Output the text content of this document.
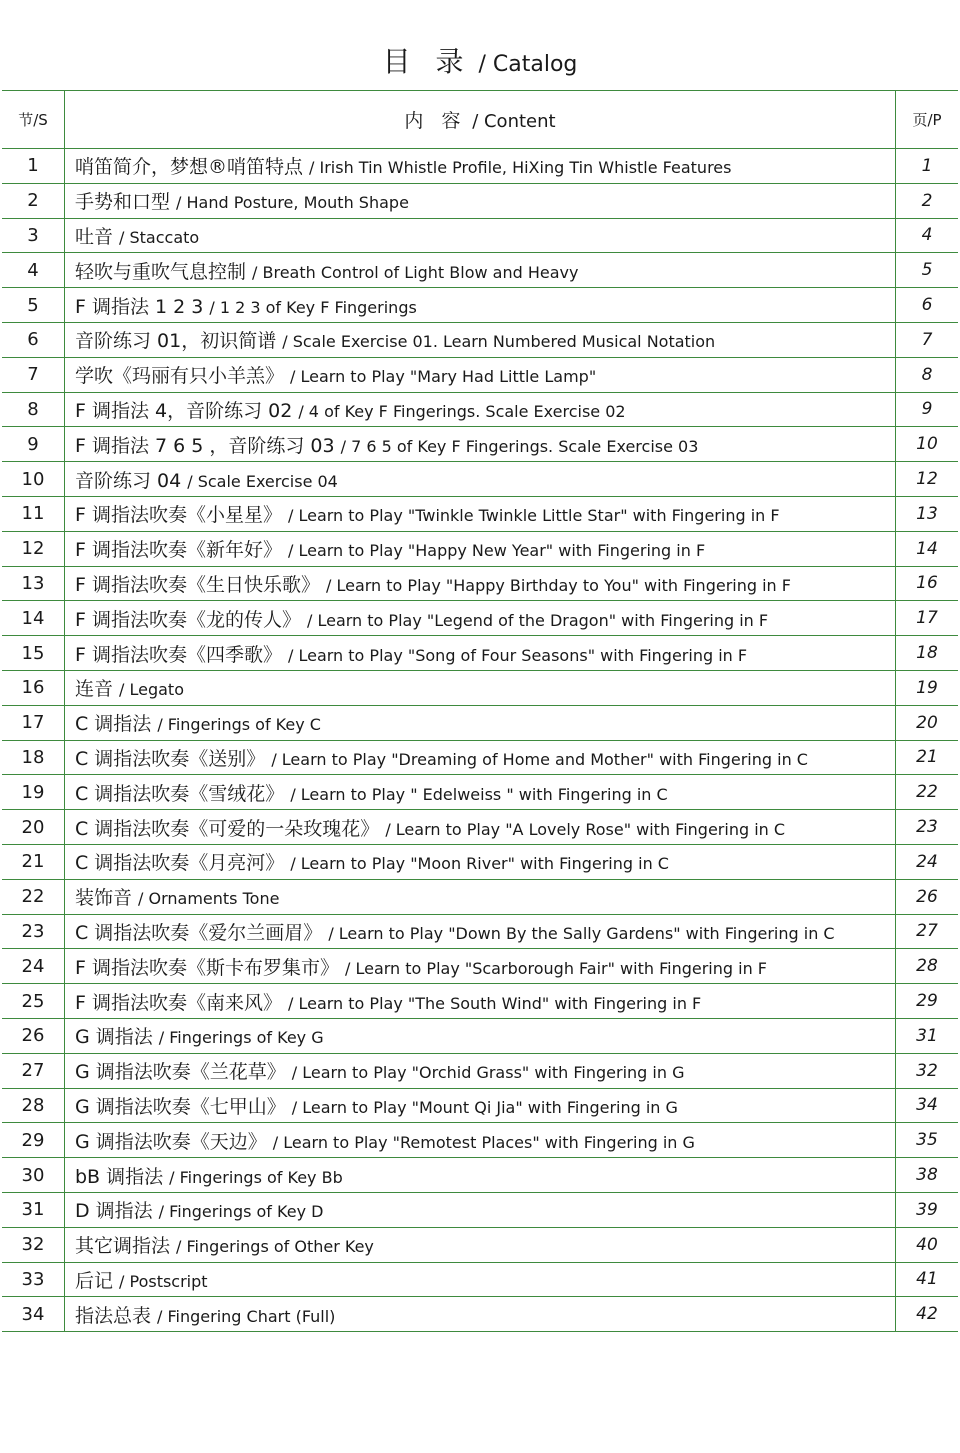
目 录 / Catalog
节/S	内 容 / Content	页/P
1	哨笛简介，梦想®哨笛特点 / Irish Tin Whistle Profile, HiXing Tin Whistle Features	1
2	手势和口型 / Hand Posture, Mouth Shape	2
3	吐音 / Staccato	4
4	轻吹与重吹气息控制 / Breath Control of Light Blow and Heavy	5
5	F 调指法 1 2 3 / 1 2 3 of Key F Fingerings	6
6	音阶练习 01，初识简谱 / Scale Exercise 01. Learn Numbered Musical Notation	7
7	学吹《玛丽有只小羊羔》 / Learn to Play "Mary Had Little Lamp"	8
8	F 调指法 4，音阶练习 02 / 4 of Key F Fingerings. Scale Exercise 02	9
9	F 调指法 7 6 5 ，音阶练习 03 / 7 6 5 of Key F Fingerings. Scale Exercise 03	10
10	音阶练习 04 / Scale Exercise 04	12
11	F 调指法吹奏《小星星》 / Learn to Play "Twinkle Twinkle Little Star" with Fingering in F	13
12	F 调指法吹奏《新年好》 / Learn to Play "Happy New Year" with Fingering in F	14
13	F 调指法吹奏《生日快乐歌》 / Learn to Play "Happy Birthday to You" with Fingering in F	16
14	F 调指法吹奏《龙的传人》 / Learn to Play "Legend of the Dragon" with Fingering in F	17
15	F 调指法吹奏《四季歌》 / Learn to Play "Song of Four Seasons" with Fingering in F	18
16	连音 / Legato	19
17	C 调指法 / Fingerings of Key C	20
18	C 调指法吹奏《送别》 / Learn to Play "Dreaming of Home and Mother" with Fingering in C	21
19	C 调指法吹奏《雪绒花》 / Learn to Play " Edelweiss " with Fingering in C	22
20	C 调指法吹奏《可爱的一朵玫瑰花》 / Learn to Play "A Lovely Rose" with Fingering in C	23
21	C 调指法吹奏《月亮河》 / Learn to Play "Moon River" with Fingering in C	24
22	装饰音 / Ornaments Tone	26
23	C 调指法吹奏《爱尔兰画眉》 / Learn to Play "Down By the Sally Gardens" with Fingering in C	27
24	F 调指法吹奏《斯卡布罗集市》 / Learn to Play "Scarborough Fair" with Fingering in F	28
25	F 调指法吹奏《南来风》 / Learn to Play "The South Wind" with Fingering in F	29
26	G 调指法 / Fingerings of Key G	31
27	G 调指法吹奏《兰花草》 / Learn to Play "Orchid Grass" with Fingering in G	32
28	G 调指法吹奏《七甲山》 / Learn to Play "Mount Qi Jia" with Fingering in G	34
29	G 调指法吹奏《天边》 / Learn to Play "Remotest Places" with Fingering in G	35
30	bB 调指法 / Fingerings of Key Bb	38
31	D 调指法 / Fingerings of Key D	39
32	其它调指法 / Fingerings of Other Key	40
33	后记 / Postscript	41
34	指法总表 / Fingering Chart (Full)	42
